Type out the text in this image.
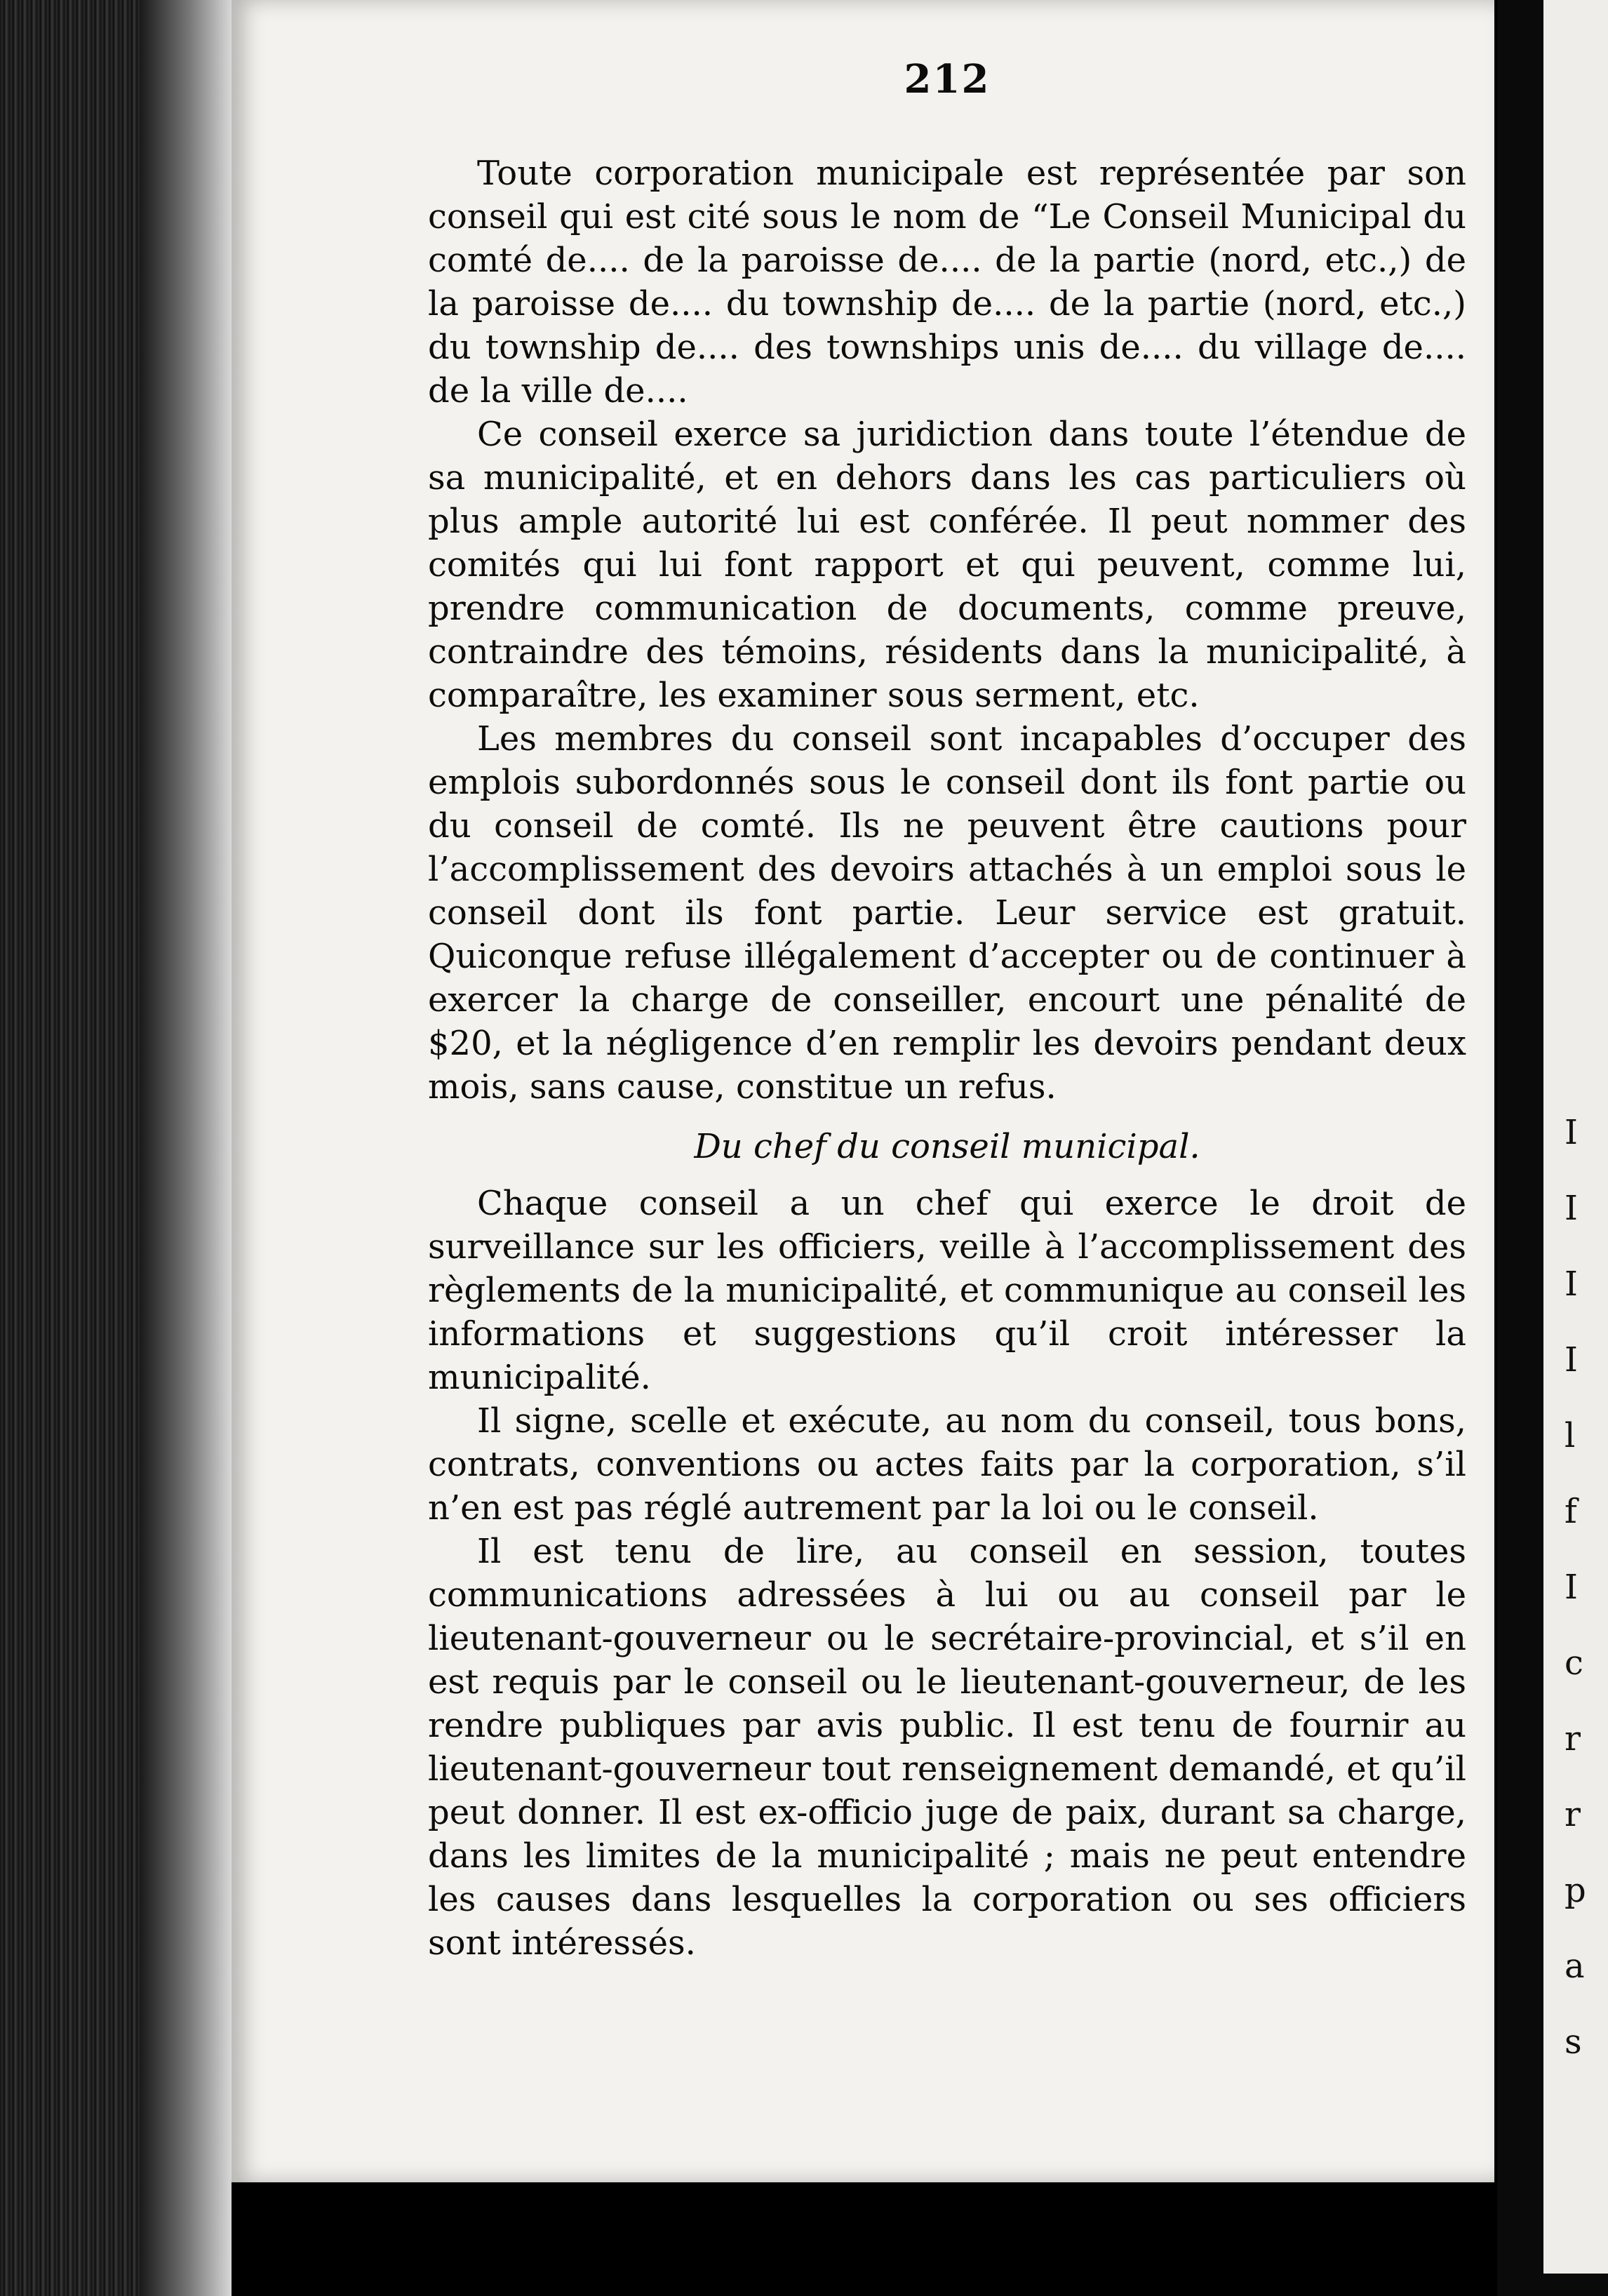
I
I
I
I
l
f
I
c
r
r
p
a
s
212

Toute corporation municipale est représentée par son conseil qui est cité sous le nom de “Le Conseil Municipal du comté de.... de la paroisse de.... de la partie (nord, etc.,) de la paroisse de.... du township de.... de la partie (nord, etc.,) du township de.... des townships unis de.... du village de.... de la ville de....

Ce conseil exerce sa juridiction dans toute l’étendue de sa municipalité, et en dehors dans les cas particuliers où plus ample autorité lui est conférée. Il peut nommer des comités qui lui font rapport et qui peuvent, comme lui, prendre communication de documents, comme preuve, contraindre des témoins, résidents dans la municipalité, à comparaître, les examiner sous serment, etc.

Les membres du conseil sont incapables d’occuper des emplois subordonnés sous le conseil dont ils font partie ou du conseil de comté. Ils ne peuvent être cautions pour l’accomplissement des devoirs attachés à un emploi sous le conseil dont ils font partie. Leur service est gratuit. Quiconque refuse illégalement d’accepter ou de continuer à exercer la charge de conseiller, encourt une pénalité de $20, et la négligence d’en remplir les devoirs pendant deux mois, sans cause, constitue un refus.

Du chef du conseil municipal.

Chaque conseil a un chef qui exerce le droit de surveillance sur les officiers, veille à l’accomplissement des règlements de la municipalité, et communique au conseil les informations et suggestions qu’il croit intéresser la municipalité.

Il signe, scelle et exécute, au nom du conseil, tous bons, contrats, conventions ou actes faits par la corporation, s’il n’en est pas réglé autrement par la loi ou le conseil.

Il est tenu de lire, au conseil en session, toutes communications adressées à lui ou au conseil par le lieutenant-gouverneur ou le secrétaire-provincial, et s’il en est requis par le conseil ou le lieutenant-gouverneur, de les rendre publiques par avis public. Il est tenu de fournir au lieutenant-gouverneur tout renseignement demandé, et qu’il peut donner. Il est ex-officio juge de paix, durant sa charge, dans les limites de la municipalité ; mais ne peut entendre les causes dans lesquelles la corporation ou ses officiers sont intéressés.
